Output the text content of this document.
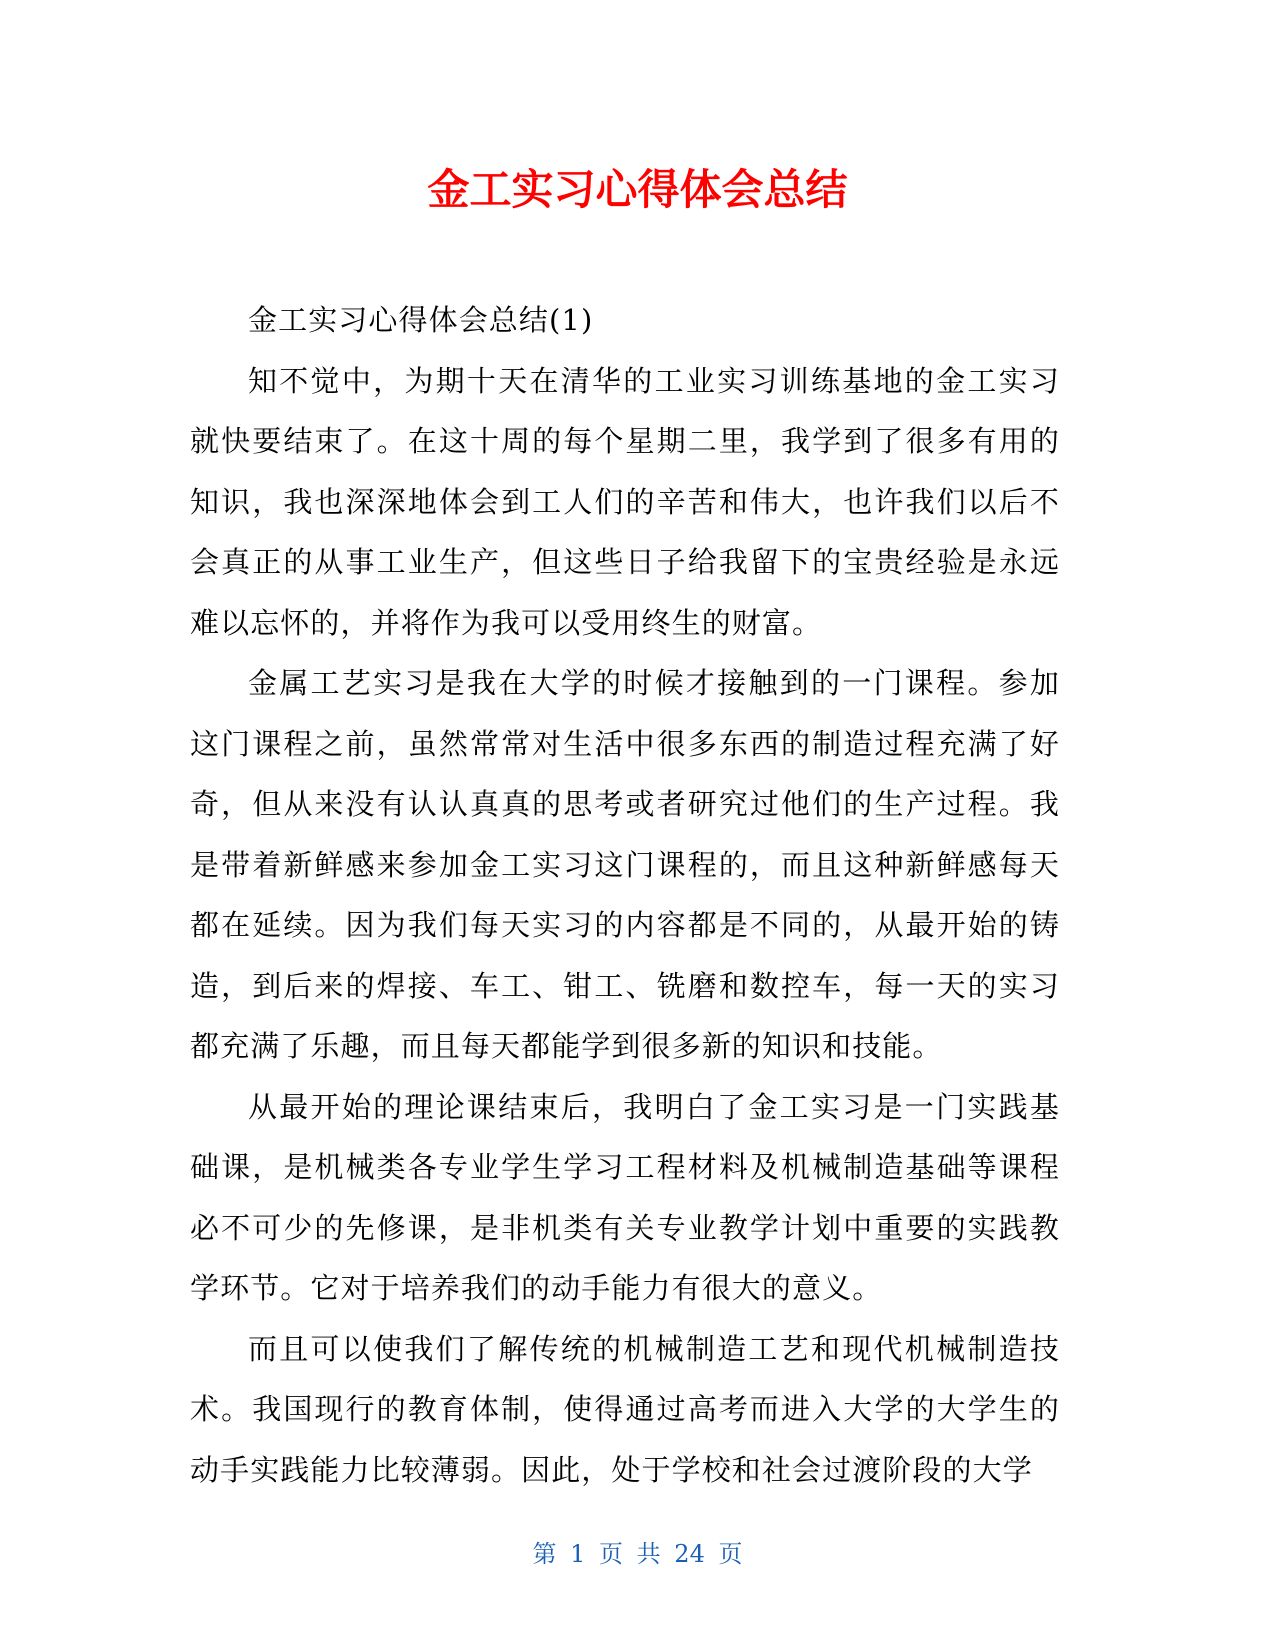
金工实习心得体会总结

金工实习心得体会总结(1)

知不觉中，为期十天在清华的工业实习训练基地的金工实习就快要结束了。在这十周的每个星期二里，我学到了很多有用的知识，我也深深地体会到工人们的辛苦和伟大，也许我们以后不会真正的从事工业生产，但这些日子给我留下的宝贵经验是永远难以忘怀的，并将作为我可以受用终生的财富。

金属工艺实习是我在大学的时候才接触到的一门课程。参加这门课程之前，虽然常常对生活中很多东西的制造过程充满了好奇，但从来没有认认真真的思考或者研究过他们的生产过程。我是带着新鲜感来参加金工实习这门课程的，而且这种新鲜感每天都在延续。因为我们每天实习的内容都是不同的，从最开始的铸造，到后来的焊接、车工、钳工、铣磨和数控车，每一天的实习都充满了乐趣，而且每天都能学到很多新的知识和技能。

从最开始的理论课结束后，我明白了金工实习是一门实践基础课，是机械类各专业学生学习工程材料及机械制造基础等课程必不可少的先修课，是非机类有关专业教学计划中重要的实践教学环节。它对于培养我们的动手能力有很大的意义。

而且可以使我们了解传统的机械制造工艺和现代机械制造技术。我国现行的教育体制，使得通过高考而进入大学的大学生的动手实践能力比较薄弱。因此，处于学校和社会过渡阶段的大学

第 1 页 共 24 页
